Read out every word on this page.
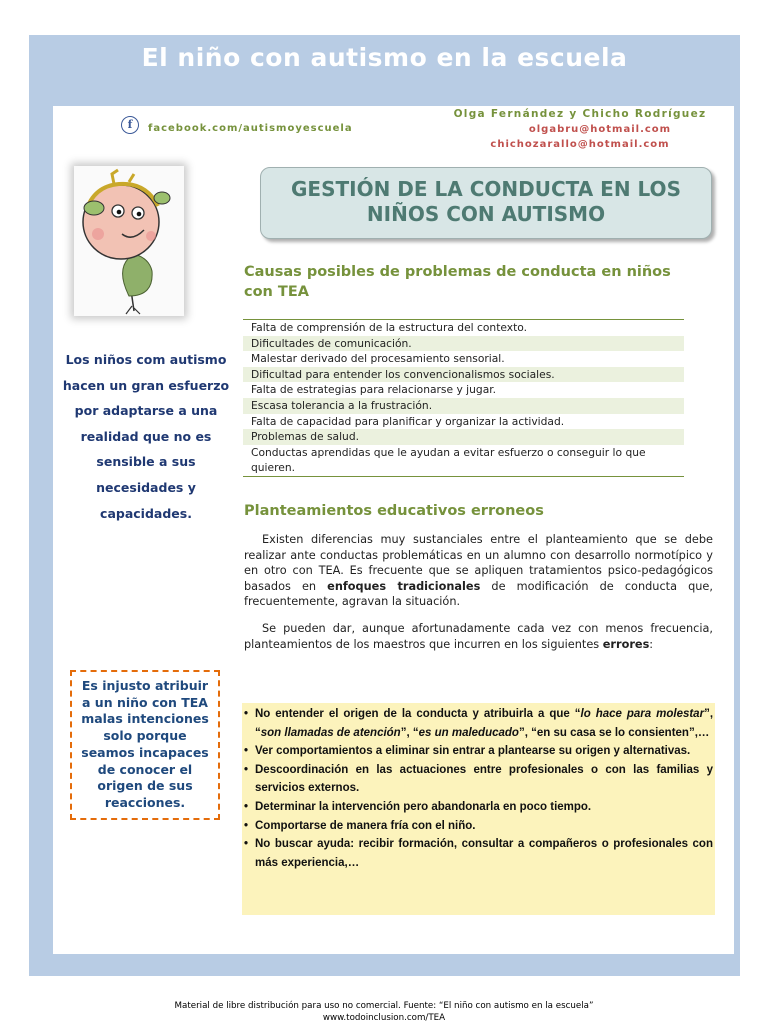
El niño con autismo en la escuela
f	facebook.com/autismoyescuela
Olga Fernández y Chicho Rodríguez
olgabru@hotmail.com
chichozarallo@hotmail.com
GESTIÓN DE LA CONDUCTA EN LOS
NIÑOS CON AUTISMO
Los niños com autismo hacen un gran esfuerzo por adaptarse a una realidad que no es sensible a sus necesidades y capacidades.
Es injusto atribuir a un niño con TEA malas intenciones solo porque seamos incapaces de conocer el origen de sus reacciones.
Causas posibles de problemas de conducta en niños con TEA
Falta de comprensión de la estructura del contexto.
Dificultades de comunicación.
Malestar derivado del procesamiento sensorial.
Dificultad para entender los convencionalismos sociales.
Falta de estrategias para relacionarse y jugar.
Escasa tolerancia a la frustración.
Falta de capacidad para planificar y organizar la actividad.
Problemas de salud.
Conductas aprendidas que le ayudan a evitar esfuerzo o conseguir lo que quieren.
Planteamientos educativos erroneos
Existen diferencias muy sustanciales entre el planteamiento que se debe realizar ante conductas problemáticas en un alumno con desarrollo normotípico y en otro con TEA. Es frecuente que se apliquen tratamientos psico-pedagógicos basados en enfoques tradicionales de modificación de conducta que, frecuentemente, agravan la situación.
Se pueden dar, aunque afortunadamente cada vez con menos frecuencia, planteamientos de los maestros que incurren en los siguientes errores:
• No entender el origen de la conducta y atribuirla a que “lo hace para molestar”, “son llamadas de atención”, “es un maleducado”, “en su casa se lo consienten”,…
• Ver comportamientos a eliminar sin entrar a plantearse su origen y alternativas.
• Descoordinación en las actuaciones entre profesionales o con las familias y servicios externos.
• Determinar la intervención pero abandonarla en poco tiempo.
• Comportarse de manera fría con el niño.
• No buscar ayuda: recibir formación, consultar a compañeros o profesionales con más experiencia,…
Material de libre distribución para uso no comercial. Fuente: “El niño con autismo en la escuela”
www.todoinclusion.com/TEA
